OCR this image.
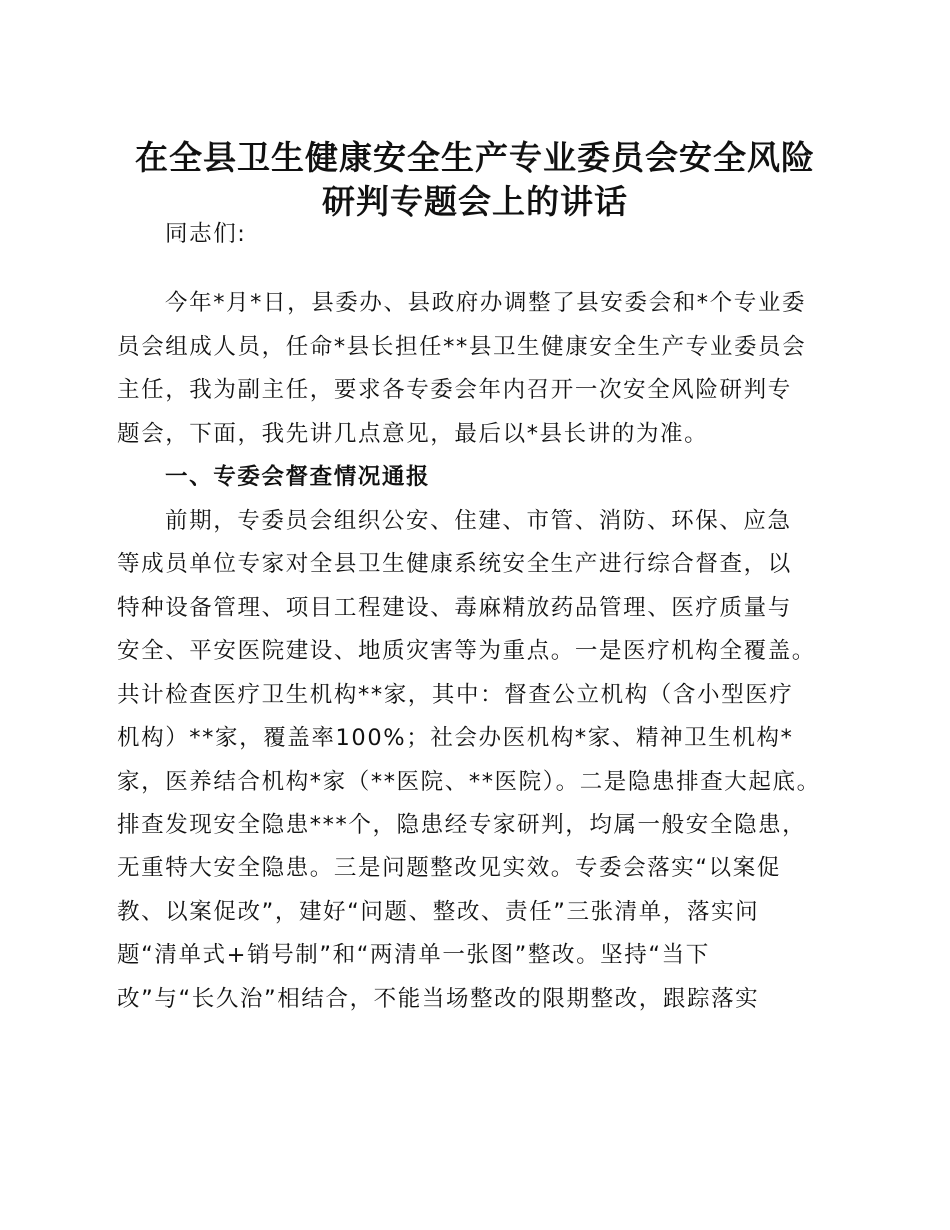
在全县卫生健康安全生产专业委员会安全风险
研判专题会上的讲话
同志们:
今年*月*日，县委办、县政府办调整了县安委会和*个专业委
员会组成人员，任命*县长担任**县卫生健康安全生产专业委员会
主任，我为副主任，要求各专委会年内召开一次安全风险研判专
题会，下面，我先讲几点意见，最后以*县长讲的为准。
一、专委会督查情况通报
前期，专委员会组织公安、住建、市管、消防、环保、应急
等成员单位专家对全县卫生健康系统安全生产进行综合督查，以
特种设备管理、项目工程建设、毒麻精放药品管理、医疗质量与
安全、平安医院建设、地质灾害等为重点。一是医疗机构全覆盖。
共计检查医疗卫生机构**家，其中：督查公立机构（含小型医疗
机构）**家，覆盖率100%；社会办医机构*家、精神卫生机构*
家，医养结合机构*家（**医院、**医院）。二是隐患排查大起底。
排查发现安全隐患***个，隐患经专家研判，均属一般安全隐患，
无重特大安全隐患。三是问题整改见实效。专委会落实“以案促
教、以案促改”，建好“问题、整改、责任”三张清单，落实问
题“清单式+销号制”和“两清单一张图”整改。坚持“当下
改”与“长久治”相结合，不能当场整改的限期整改，跟踪落实
